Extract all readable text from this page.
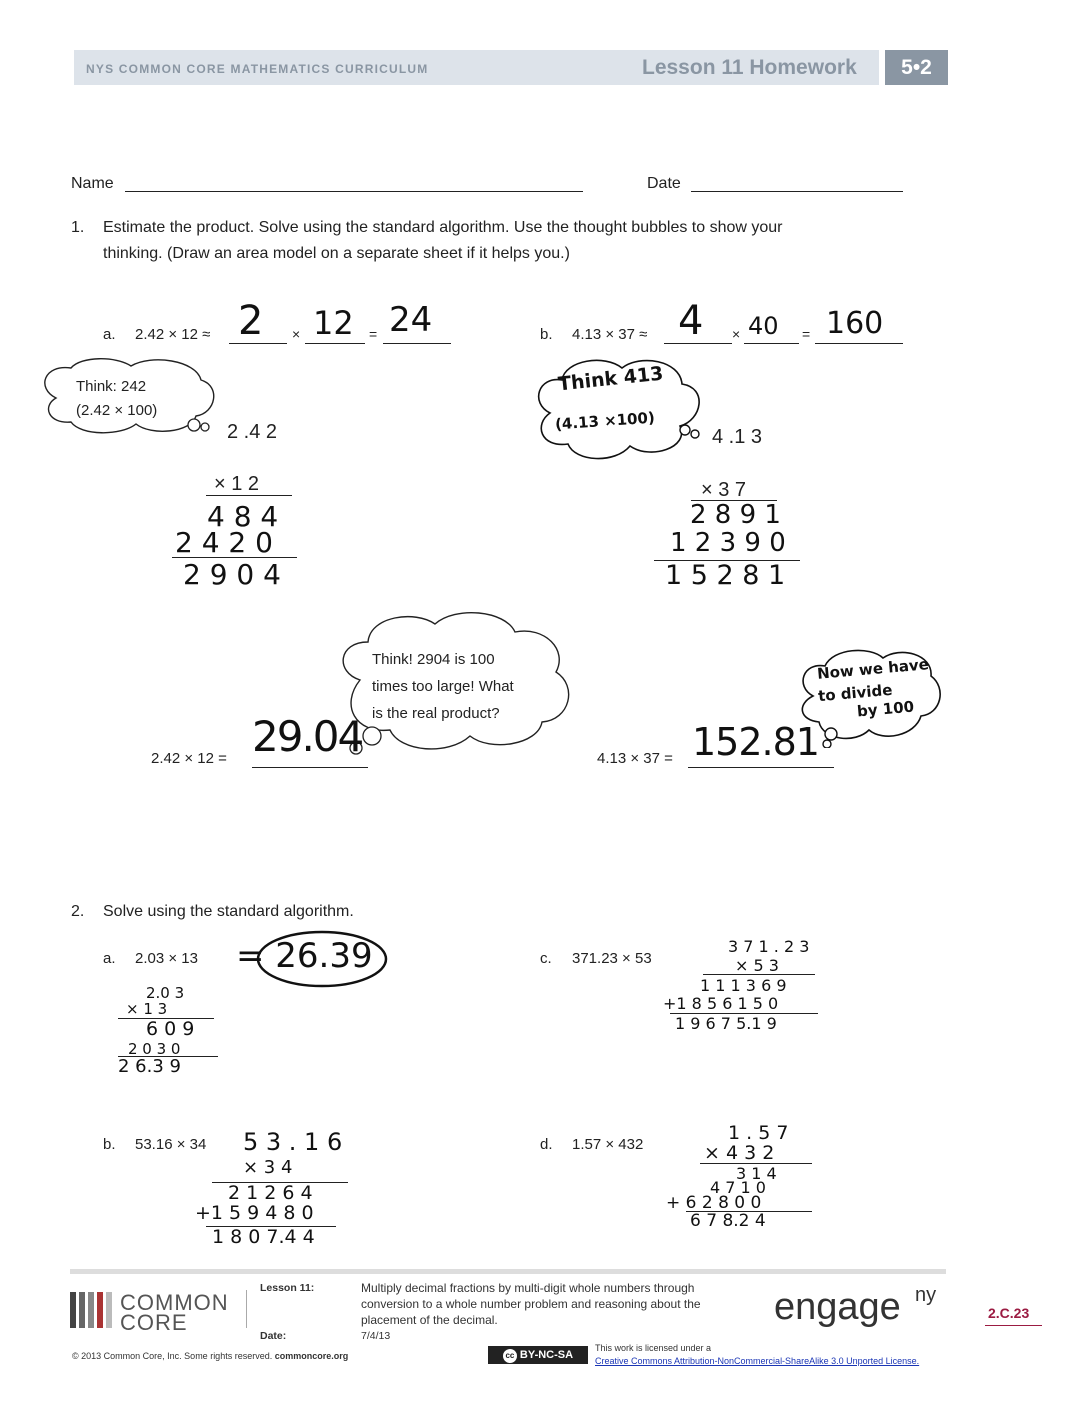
NYS COMMON CORE MATHEMATICS CURRICULUM	Lesson 11 Homework	5•2
Name	Date
1. Estimate the product. Solve using the standard algorithm. Use the thought bubbles to show your
thinking. (Draw an area model on a separate sheet if it helps you.)
a. 2.42 × 12 ≈ 2 × 12 = 24
Think: 242
(2.42 × 100)
2 .4 2
× 1 2
4 8 4
2 4 2 0
2 9 0 4
b. 4.13 × 37 ≈ 4 × 40 = 160
Think 413
(4.13 ×100)
4 .1 3
× 3 7
2 8 9 1
1 2 3 9 0
1 5 2 8 1
Think! 2904 is 100
times too large! What
is the real product?
Now we have
to divide
by 100
2.42 × 12 = 29.04	4.13 × 37 = 152.81
2. Solve using the standard algorithm.
a. 2.03 × 13 = 26.39
2.0 3
× 1 3
6 0 9
2 0 3 0
2 6.3 9
b. 53.16 × 34 5 3 . 1 6
× 3 4
2 1 2 6 4
+1 5 9 4 8 0
1 8 0 7.4 4
c. 371.23 × 53
3 7 1 . 2 3
× 5 3
1 1 1 3 6 9
+1 8 5 6 1 5 0
1 9 6 7 5.1 9
d. 1.57 × 432
1 . 5 7
× 4 3 2
3 1 4
4 7 1 0
+ 6 2 8 0 0
6 7 8.2 4
COMMON
CORE
Lesson 11:	Multiply decimal fractions by multi-digit whole numbers through
conversion to a whole number problem and reasoning about the
placement of the decimal.
Date:	7/4/13
engage ny
2.C.23
© 2013 Common Core, Inc. Some rights reserved. commoncore.org	cc BY-NC-SA
This work is licensed under a
Creative Commons Attribution-NonCommercial-ShareAlike 3.0 Unported License.
